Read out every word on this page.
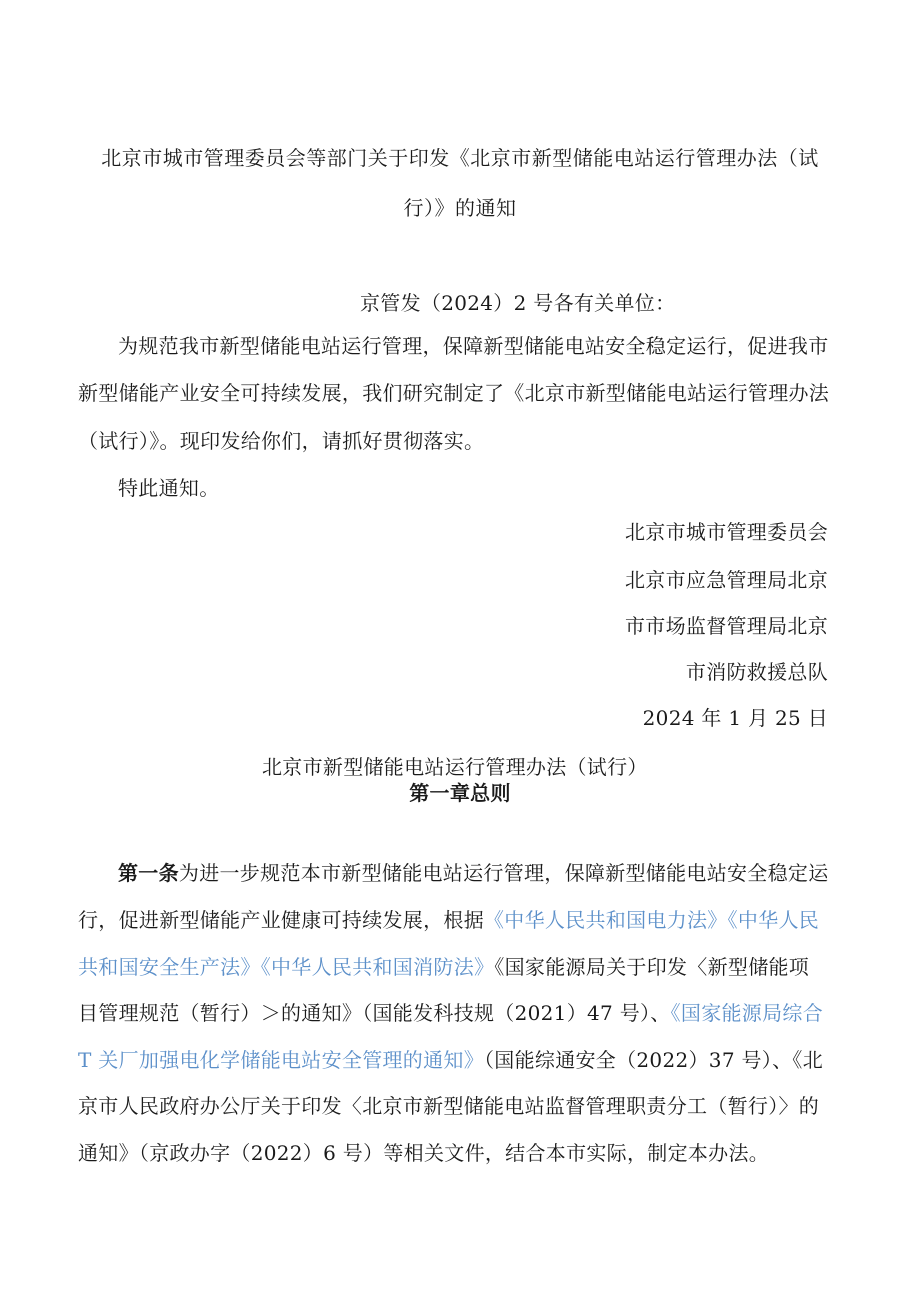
北京市城市管理委员会等部门关于印发《北京市新型储能电站运行管理办法（试
行）》的通知
京管发（2024）2 号各有关单位：
为规范我市新型储能电站运行管理，保障新型储能电站安全稳定运行，促进我市
新型储能产业安全可持续发展，我们研究制定了《北京市新型储能电站运行管理办法
（试行）》。现印发给你们，请抓好贯彻落实。
特此通知。
北京市城市管理委员会
北京市应急管理局北京
市市场监督管理局北京
市消防救援总队
2024 年 1 月 25 日
北京市新型储能电站运行管理办法（试行）
第一章总则
第一条为进一步规范本市新型储能电站运行管理，保障新型储能电站安全稳定运
行，促进新型储能产业健康可持续发展，根据《中华人民共和国电力法》《中华人民
共和国安全生产法》《中华人民共和国消防法》《国家能源局关于印发〈新型储能项
目管理规范（暂行）＞的通知》（国能发科技规（2021）47 号）、《国家能源局综合
T 关厂加强电化学储能电站安全管理的通知》（国能综通安全（2022）37 号）、《北
京市人民政府办公厅关于印发〈北京市新型储能电站监督管理职责分工（暂行）〉的
通知》（京政办字（2022）6 号）等相关文件，结合本市实际，制定本办法。
